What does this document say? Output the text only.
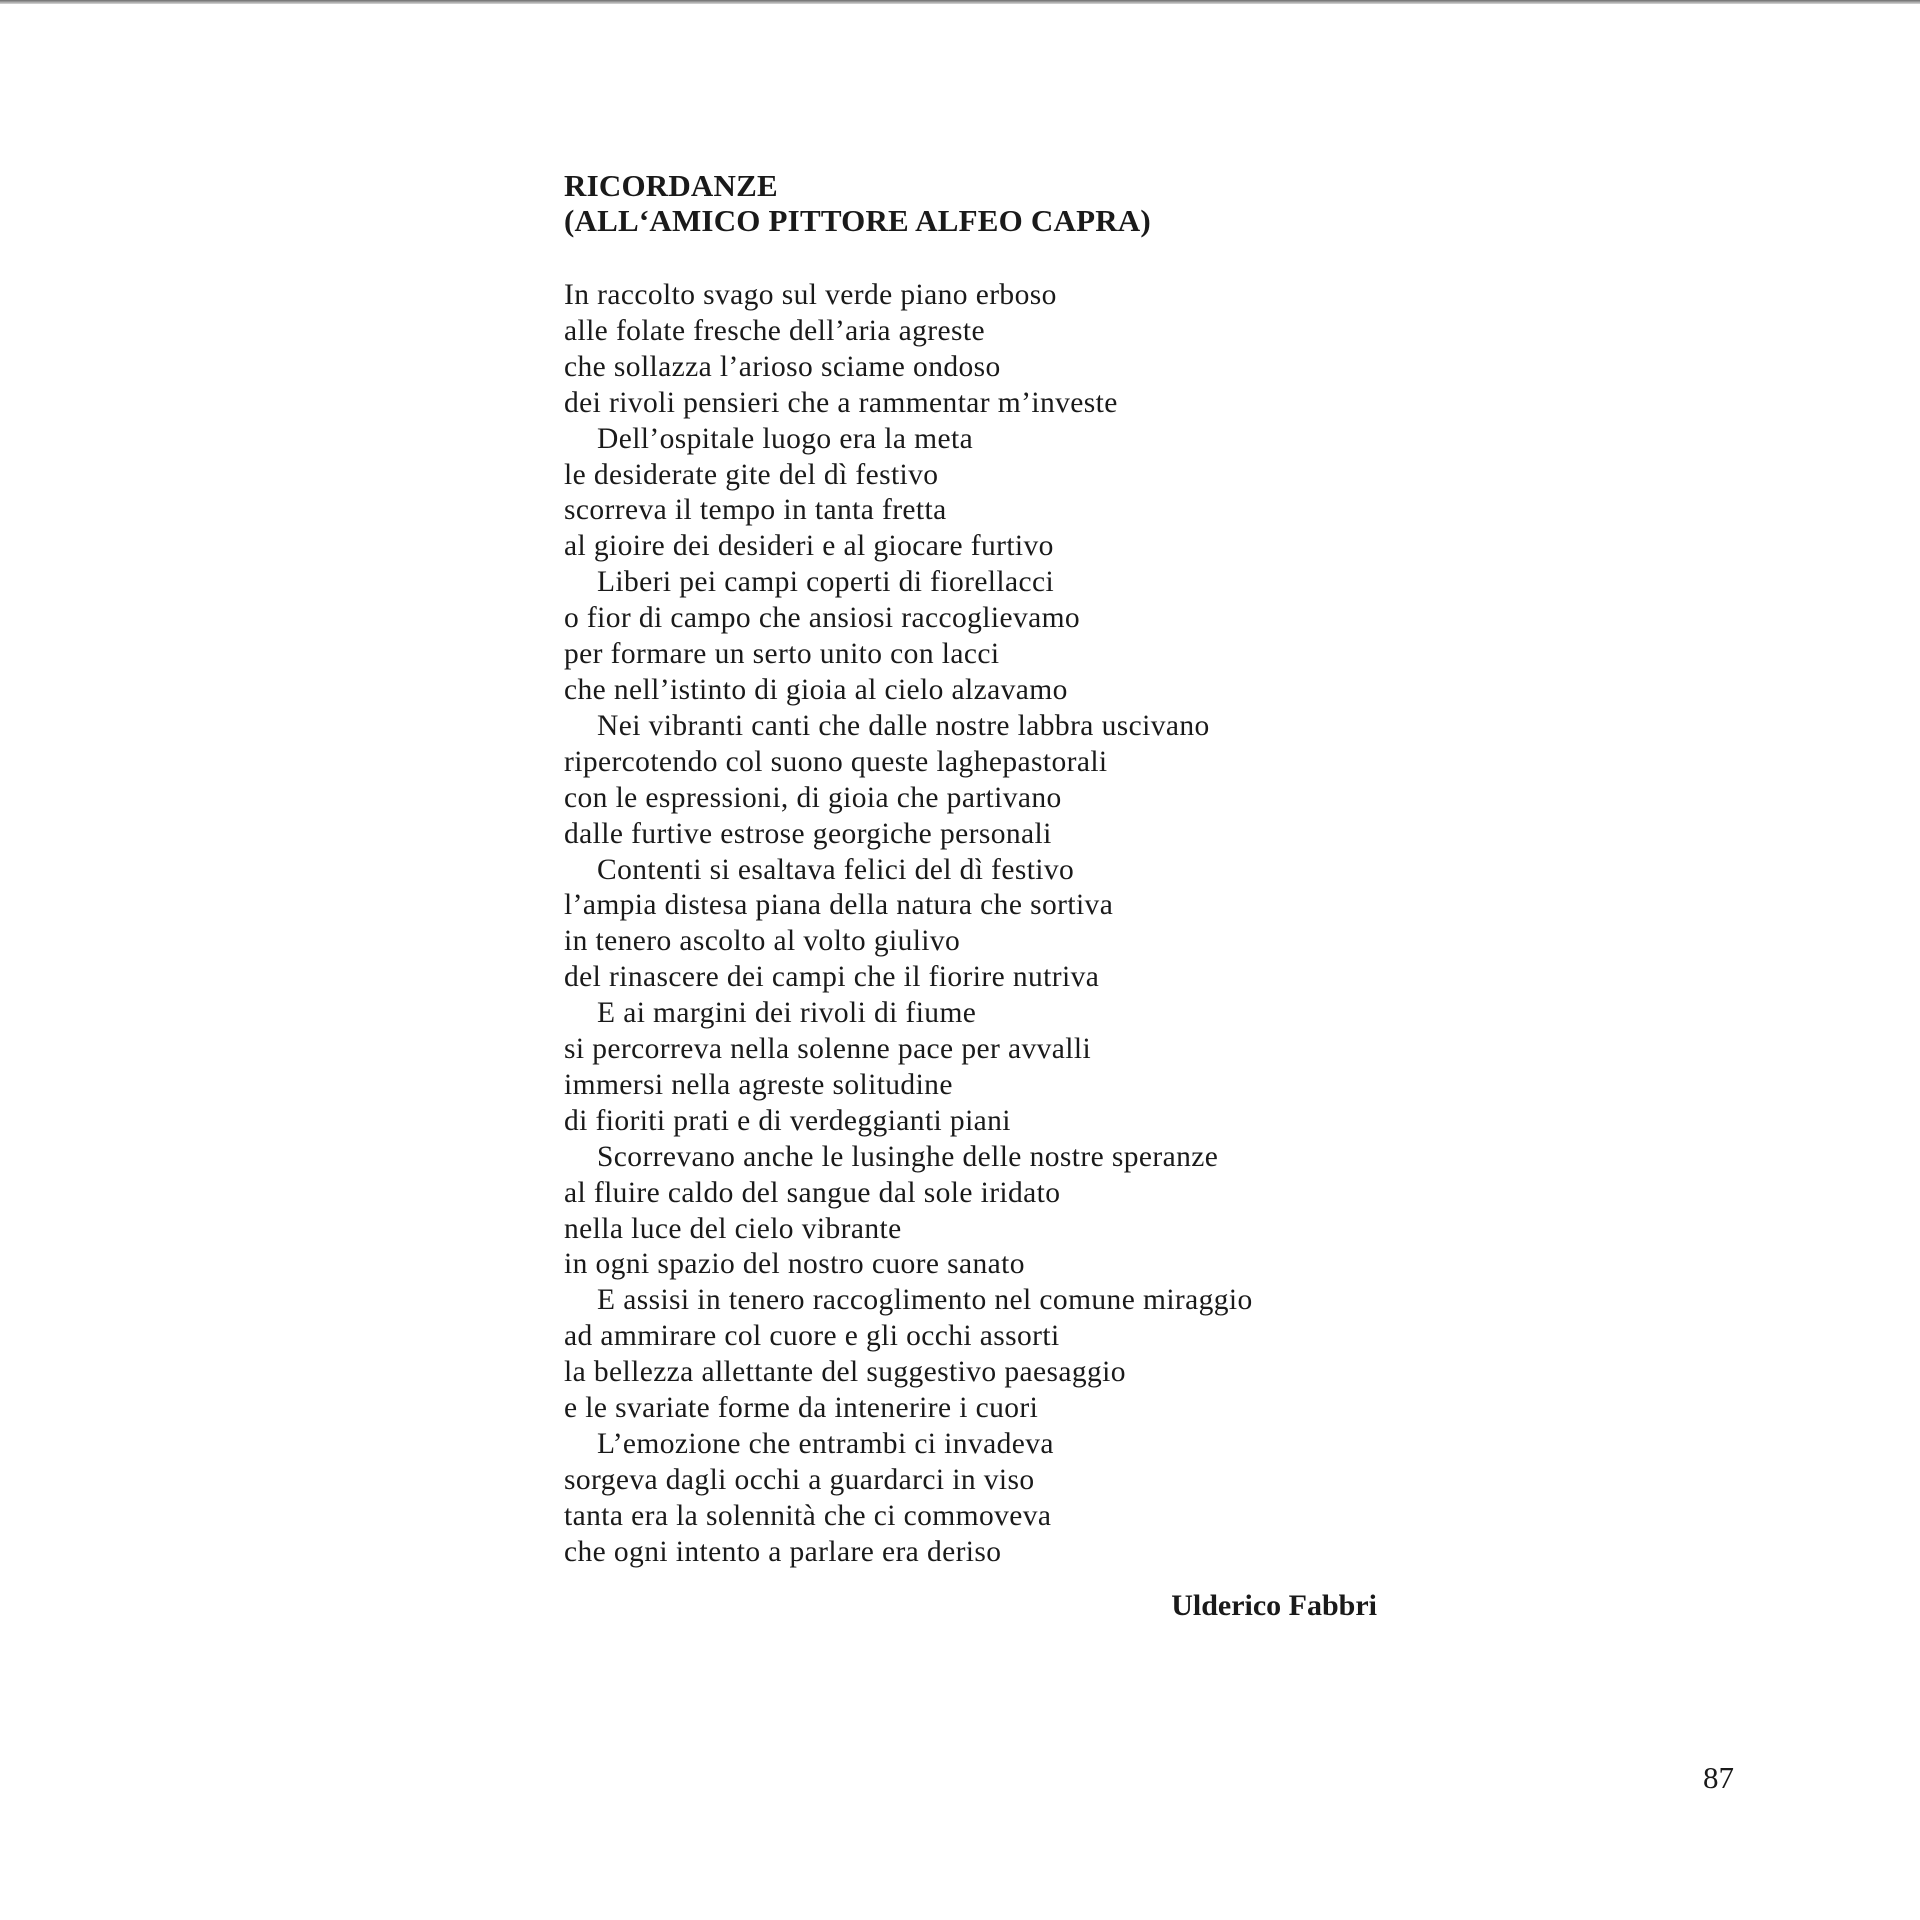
RICORDANZE
(ALL‘AMICO PITTORE ALFEO CAPRA)
In raccolto svago sul verde piano erboso
alle folate fresche dell’aria agreste
che sollazza l’arioso sciame ondoso
dei rivoli pensieri che a rammentar m’investe
Dell’ospitale luogo era la meta
le desiderate gite del dì festivo
scorreva il tempo in tanta fretta
al gioire dei desideri e al giocare furtivo
Liberi pei campi coperti di fiorellacci
o fior di campo che ansiosi raccoglievamo
per formare un serto unito con lacci
che nell’istinto di gioia al cielo alzavamo
Nei vibranti canti che dalle nostre labbra uscivano
ripercotendo col suono queste laghepastorali
con le espressioni, di gioia che partivano
dalle furtive estrose georgiche personali
Contenti si esaltava felici del dì festivo
l’ampia distesa piana della natura che sortiva
in tenero ascolto al volto giulivo
del rinascere dei campi che il fiorire nutriva
E ai margini dei rivoli di fiume
si percorreva nella solenne pace per avvalli
immersi nella agreste solitudine
di fioriti prati e di verdeggianti piani
Scorrevano anche le lusinghe delle nostre speranze
al fluire caldo del sangue dal sole iridato
nella luce del cielo vibrante
in ogni spazio del nostro cuore sanato
E assisi in tenero raccoglimento nel comune miraggio
ad ammirare col cuore e gli occhi assorti
la bellezza allettante del suggestivo paesaggio
e le svariate forme da intenerire i cuori
L’emozione che entrambi ci invadeva
sorgeva dagli occhi a guardarci in viso
tanta era la solennità che ci commoveva
che ogni intento a parlare era deriso
Ulderico Fabbri
87
